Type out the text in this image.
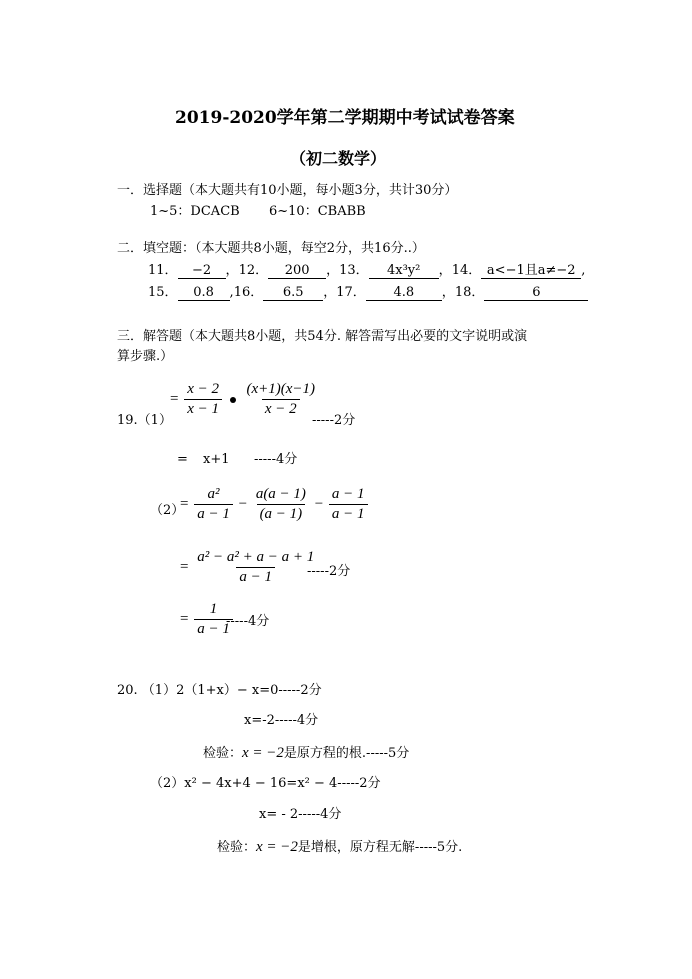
2019-2020学年第二学期期中考试试卷答案
（初二数学）
一．选择题（本大题共有10小题，每小题3分，共计30分）
1~5：DCACB 6~10：CBABB
二．填空题：（本大题共8小题，每空2分，共16分..）
11． −2 ，12． 200 ，13． 4x³y² ，14． a<−1且a≠−2 ,
15． 0.8 ,16． 6.5 ，17． 4.8 ，18．	6
三．解答题（本大题共8小题，共54分. 解答需写出必要的文字说明或演
算步骤.）
19.（1）
= $\frac{x - 2}{x - 1}$
$\frac{(x+1)(x-1)}{x - 2}$
-----2分
= x+1 -----4分
（2）
= $\frac{\text{a²}}{a - 1} - \frac{a(a - 1)}{(a - 1)} - \frac{a - 1}{a - 1}$
= $\frac{\text{a² − a² + a − a + 1}}{a - 1}$
-----2分
= $\frac{1}{a - 1}$
-----4分
20. （1）2（1+x）− x=0-----2分
x=-2-----4分
检验：x = −2是原方程的根.-----5分
（2）x² − 4x+4 − 16=x² − 4-----2分
x= - 2-----4分
检验：x = −2是增根，原方程无解-----5分.
